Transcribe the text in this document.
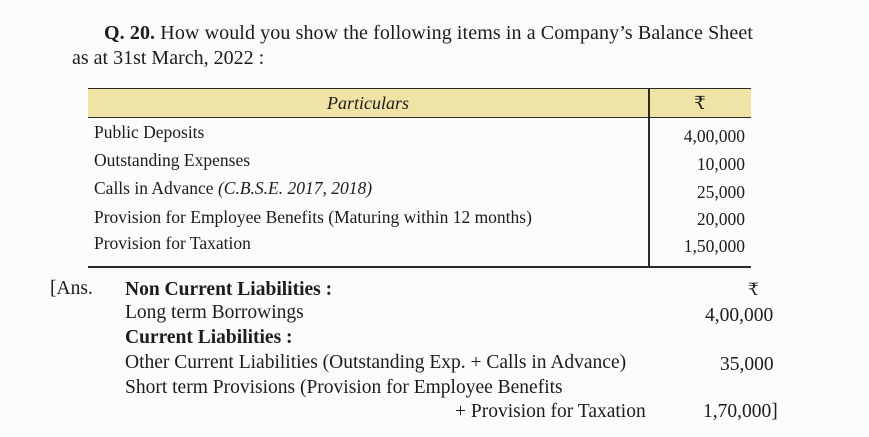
Q. 20. How would you show the following items in a Company’s Balance Sheet
as at 31st March, 2022 :
Particulars	₹
Public Deposits	4,00,000
Outstanding Expenses	10,000
Calls in Advance (C.B.S.E. 2017, 2018)	25,000
Provision for Employee Benefits (Maturing within 12 months)	20,000
Provision for Taxation	1,50,000
[Ans. Non Current Liabilities :	₹
Long term Borrowings	4,00,000
Current Liabilities :
Other Current Liabilities (Outstanding Exp. + Calls in Advance)	35,000
Short term Provisions (Provision for Employee Benefits
+ Provision for Taxation	1,70,000]
